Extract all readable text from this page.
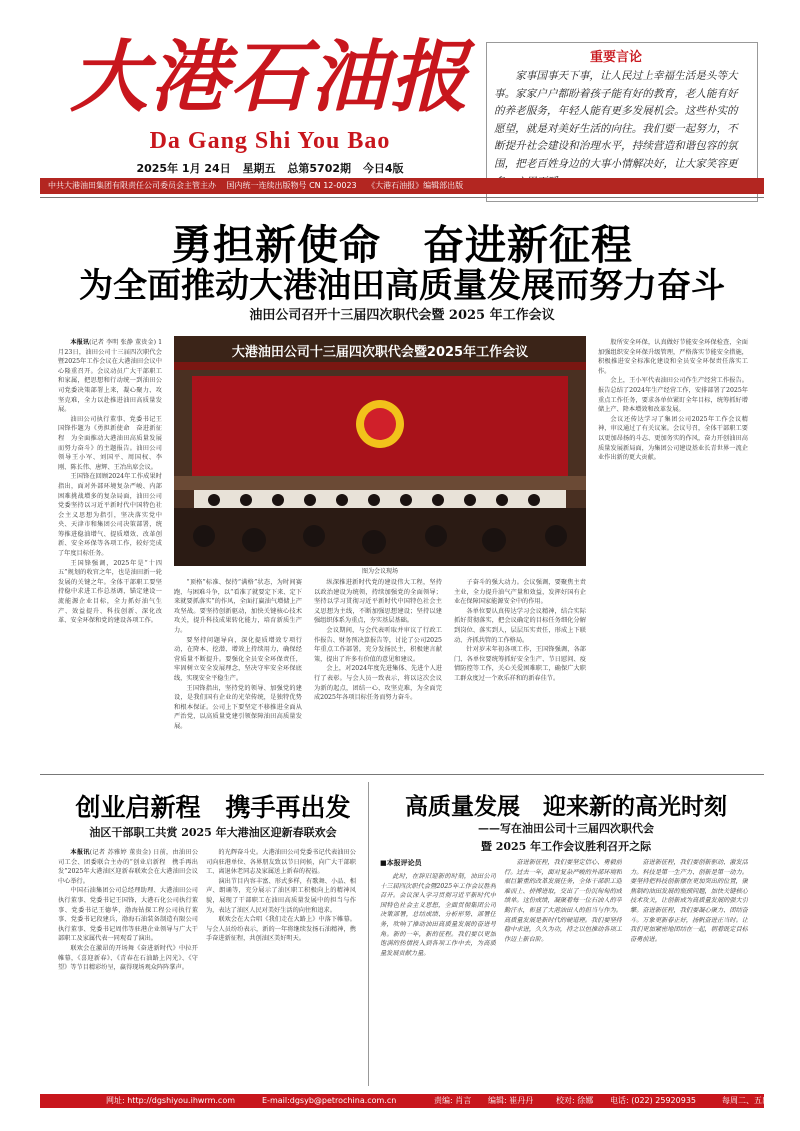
大港石油报
Da Gang Shi You Bao
2025年 1月 24日 星期五 总第5702期 今日4版
重要言论
家事国事天下事，让人民过上幸福生活是头等大事。家家户户都盼着孩子能有好的教育，老人能有好的养老服务，年轻人能有更多发展机会。这些朴实的愿望，就是对美好生活的向往。我们要一起努力，不断提升社会建设和治理水平，持续营造和谐包容的氛围，把老百姓身边的大事小情解决好，让大家笑容更
中共大港油田集团有限责任公司委员会主管主办 国内统一连续出版物号 CN 12-0023 《大港石油报》编辑部出版
勇担新使命　奋进新征程
为全面推动大港油田高质量发展而努力奋斗
油田公司召开十三届四次职代会暨 2025 年工作会议

本报讯(记者 李明 张静 董贵金) 1月23日，油田公司十三届四次职代会暨2025年工作会议在大港油田会议中心隆重召开。会议动员广大干部职工和家属，把思想和行动统一到油田公司党委决策部署上来，凝心聚力、攻坚克难，全力以赴推进油田高质量发展。

油田公司执行董事、党委书记王国锋作题为《勇担新使命　奋进新征程　为全面推动大港油田高质量发展而努力奋斗》的主题报告。油田公司领导王小军、刘国平、周国权、李刚、陈长伟、唐辉、王冶出席会议。

王国锋在回顾2024年工作成果时指出，面对外部环境复杂严峻、内部困难挑战增多的复杂局面，油田公司党委坚持以习近平新时代中国特色社会主义思想为指引，坚决落实党中央、天津市和集团公司决策部署，统筹推进稳油增气、提质增效、改革创新、安全环保等各项工作，较好完成了年度目标任务。

王国锋强调，2025年是“十四五”规划的收官之年，也是油田新一轮发展的关键之年。全体干部职工要坚持稳中求进工作总基调，锚定建设一流能源企业目标，全力抓好油气生产、效益提升、科技创新、深化改革、安全环保和党的建设各项工作。

大港油田公司十三届四次职代会暨2025年工作会议
图为会议现场

“顶格”标准、保持“满格”状态，为时间赛跑、与困难斗争，以“看准了就要定下来、定下来就要抓落实”的作风，全面打赢油气增储上产攻坚战。要坚持创新驱动，加快关键核心技术攻关，提升科技成果转化能力，培育新质生产力。

要坚持问题导向，深化提质增效专项行动，在降本、挖潜、增效上持续用力，确保经营质量不断提升。要强化全员安全环保责任，牢固树立安全发展理念，坚决守牢安全环保底线，实现安全平稳生产。

王国锋指出，坚持党的领导、加强党的建设，是我们国有企业的光荣传统，是独特优势和根本保证。公司上下要坚定不移推进全面从严治党，以高质量党建引领保障油田高质量发展。

纵深推进新时代党的建设伟大工程，坚持以政治建设为统领，持续加强党的全面领导；坚持以学习贯彻习近平新时代中国特色社会主义思想为主线，不断加强思想建设；坚持以建强组织体系为重点，夯实基层基础。

会议期间，与会代表听取并审议了行政工作报告、财务预决算报告等，讨论了公司2025年重点工作部署，充分发扬民主，积极建言献策，提出了许多有价值的意见和建议。

会上，对2024年度先进集体、先进个人进行了表彰。与会人员一致表示，将以这次会议为新的起点，团结一心、攻坚克难，为全面完成2025年各项目标任务而努力奋斗。

子奋斗的强大动力。会议强调，要聚焦主责主业，全力提升油气产量和效益，发挥好国有企业在保障国家能源安全中的作用。

各单位要认真传达学习会议精神，结合实际抓好贯彻落实，把会议确定的目标任务细化分解到岗位、落实到人，层层压实责任，形成上下联动、齐抓共管的工作格局。

针对岁末年初各项工作，王国锋强调，各部门、各单位要统筹抓好安全生产、节日慰问、疫情防控等工作，关心关爱困难职工，确保广大职工群众度过一个欢乐祥和的新春佳节。

股所安全环保，认真做好节能安全环保检查，全面加强组织安全环保升级管理，严格落实节能安全措施，积极推进安全标准化建设和全员安全环保责任落实工作。

会上，王小军代表油田公司作生产经营工作报告。报告总结了2024年生产经营工作，安排部署了2025年重点工作任务，要求各单位紧盯全年目标，统筹抓好增储上产、降本增效和改革发展。

会议还传达学习了集团公司2025年工作会议精神，审议通过了有关议案。会议号召，全体干部职工要以更加昂扬的斗志、更加务实的作风，奋力开创油田高质量发展新局面，为集团公司建设基业长青世界一流企业作出新的更大贡献。

创业启新程　携手再出发
油区干部职工共赏 2025 年大港油区迎新春联欢会

本报讯(记者 苏雅婷 董贵金) 日前，由油田公司工会、团委联合主办的“创业启新程　携手再出发”2025年大港油区迎新春联欢会在大港油田会议中心举行。

中国石油集团公司总经理助理、大港油田公司执行董事、党委书记王国锋，大港石化公司执行董事、党委书记王德华，渤海钻探工程公司执行董事、党委书记段建兵，渤海石油装备制造有限公司执行董事、党委书记周伟等驻港企业领导与广大干部职工及家属代表一同观看了演出。

联欢会在激昂的开场舞《奋进新时代》中拉开帷幕，《喜迎新春》、《青春在石油路上闪光》、《守望》等节目精彩纷呈，赢得现场观众阵阵掌声。

的光辉奋斗史。大港油田公司党委书记代表油田公司向驻港单位、各界朋友致以节日问候，向广大干部职工、离退休老同志及家属送上新春的祝福。

演出节目内容丰富、形式多样，有歌舞、小品、相声、朗诵等，充分展示了油区职工积极向上的精神风貌，展现了干部职工在油田高质量发展中的担当与作为，表达了油区人民对美好生活的向往和追求。

联欢会在大合唱《我们走在大路上》中落下帷幕。与会人员纷纷表示，新的一年将继续发扬石油精神，携手奋进新征程，共创油区美好明天。

高质量发展　迎来新的高光时刻
——写在油田公司十三届四次职代会
暨 2025 年工作会议胜利召开之际
■本报评论员

此时，在辞旧迎新的时刻，油田公司十三届四次职代会暨2025年工作会议胜利召开。会议深入学习贯彻习近平新时代中国特色社会主义思想，全面贯彻集团公司决策部署，总结成绩、分析形势、部署任务，吹响了推动油田高质量发展的奋进号角。新的一年，新的征程。我们要以更加饱满的热情投入到各项工作中去，为高质量发展贡献力量。

奋进新征程，我们要坚定信心、勇毅前行。过去一年，面对复杂严峻的外部环境和艰巨繁重的改革发展任务，全体干部职工迎难而上、拼搏进取，交出了一份沉甸甸的成绩单。这份成绩，凝聚着每一位石油人的辛勤汗水，彰显了大港油田人的担当与作为。高质量发展是新时代的硬道理。我们要坚持稳中求进，久久为功，持之以恒推动各项工作迈上新台阶。

奋进新征程，我们要创新驱动、激发活力。科技是第一生产力、创新是第一动力。要坚持把科技创新摆在更加突出的位置，聚焦制约油田发展的瓶颈问题，加快关键核心技术攻关，让创新成为高质量发展的强大引擎。奋进新征程，我们要凝心聚力、团结奋斗。万象更新春正好，扬帆奋进正当时。让我们更加紧密地团结在一起，朝着既定目标奋勇前进。

网址: http://dgshiyou.ihwrm.com	E-mail:dgsyb@petrochina.com.cn	责编: 肖言 编辑: 崔丹丹	校对: 徐娜 电话: (022) 25920935	每周二、五出版
